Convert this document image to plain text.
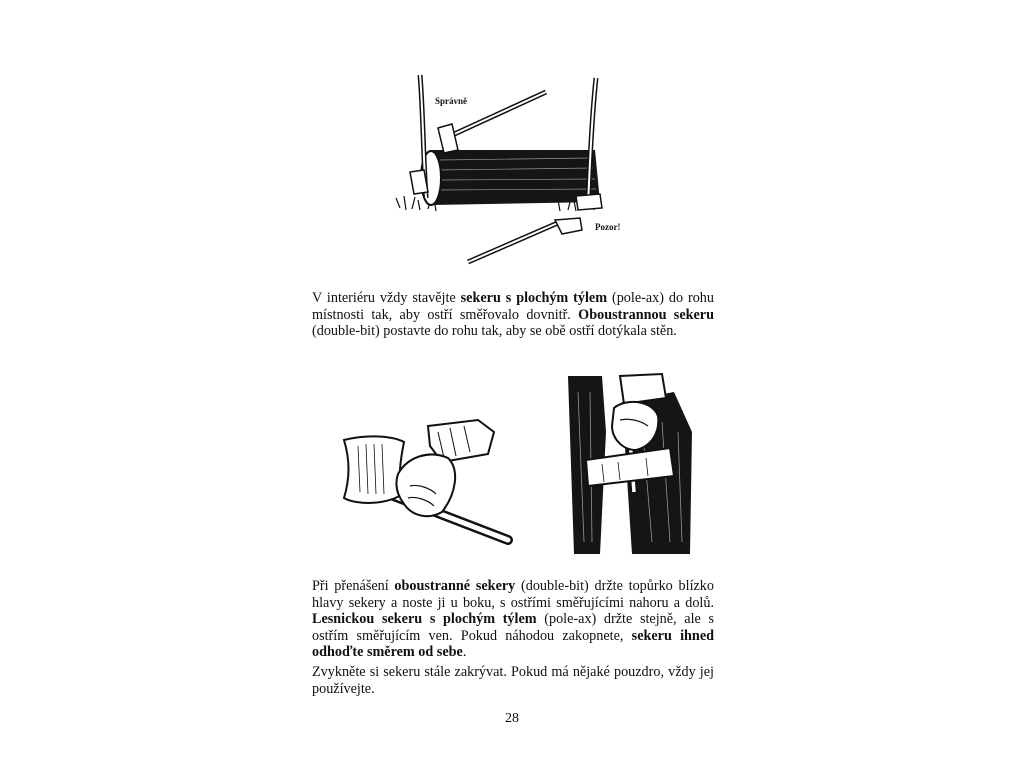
Správně
Pozor!

V interiéru vždy stavějte sekeru s plochým týlem (pole-ax) do rohu místnosti tak, aby ostří směřovalo dovnitř. Oboustrannou sekeru (double-bit) postavte do rohu tak, aby se obě ostří dotýkala stěn.

Při přenášení oboustranné sekery (double-bit) držte topůrko blízko hlavy sekery a noste ji u boku, s ostřími směřujícími nahoru a dolů. Lesnickou sekeru s plochým týlem (pole-ax) držte stejně, ale s ostřím směřujícím ven. Pokud náhodou zakopnete, sekeru ihned odhoďte směrem od sebe.

Zvykněte si sekeru stále zakrývat. Pokud má nějaké pouzdro, vždy jej používejte.

28
